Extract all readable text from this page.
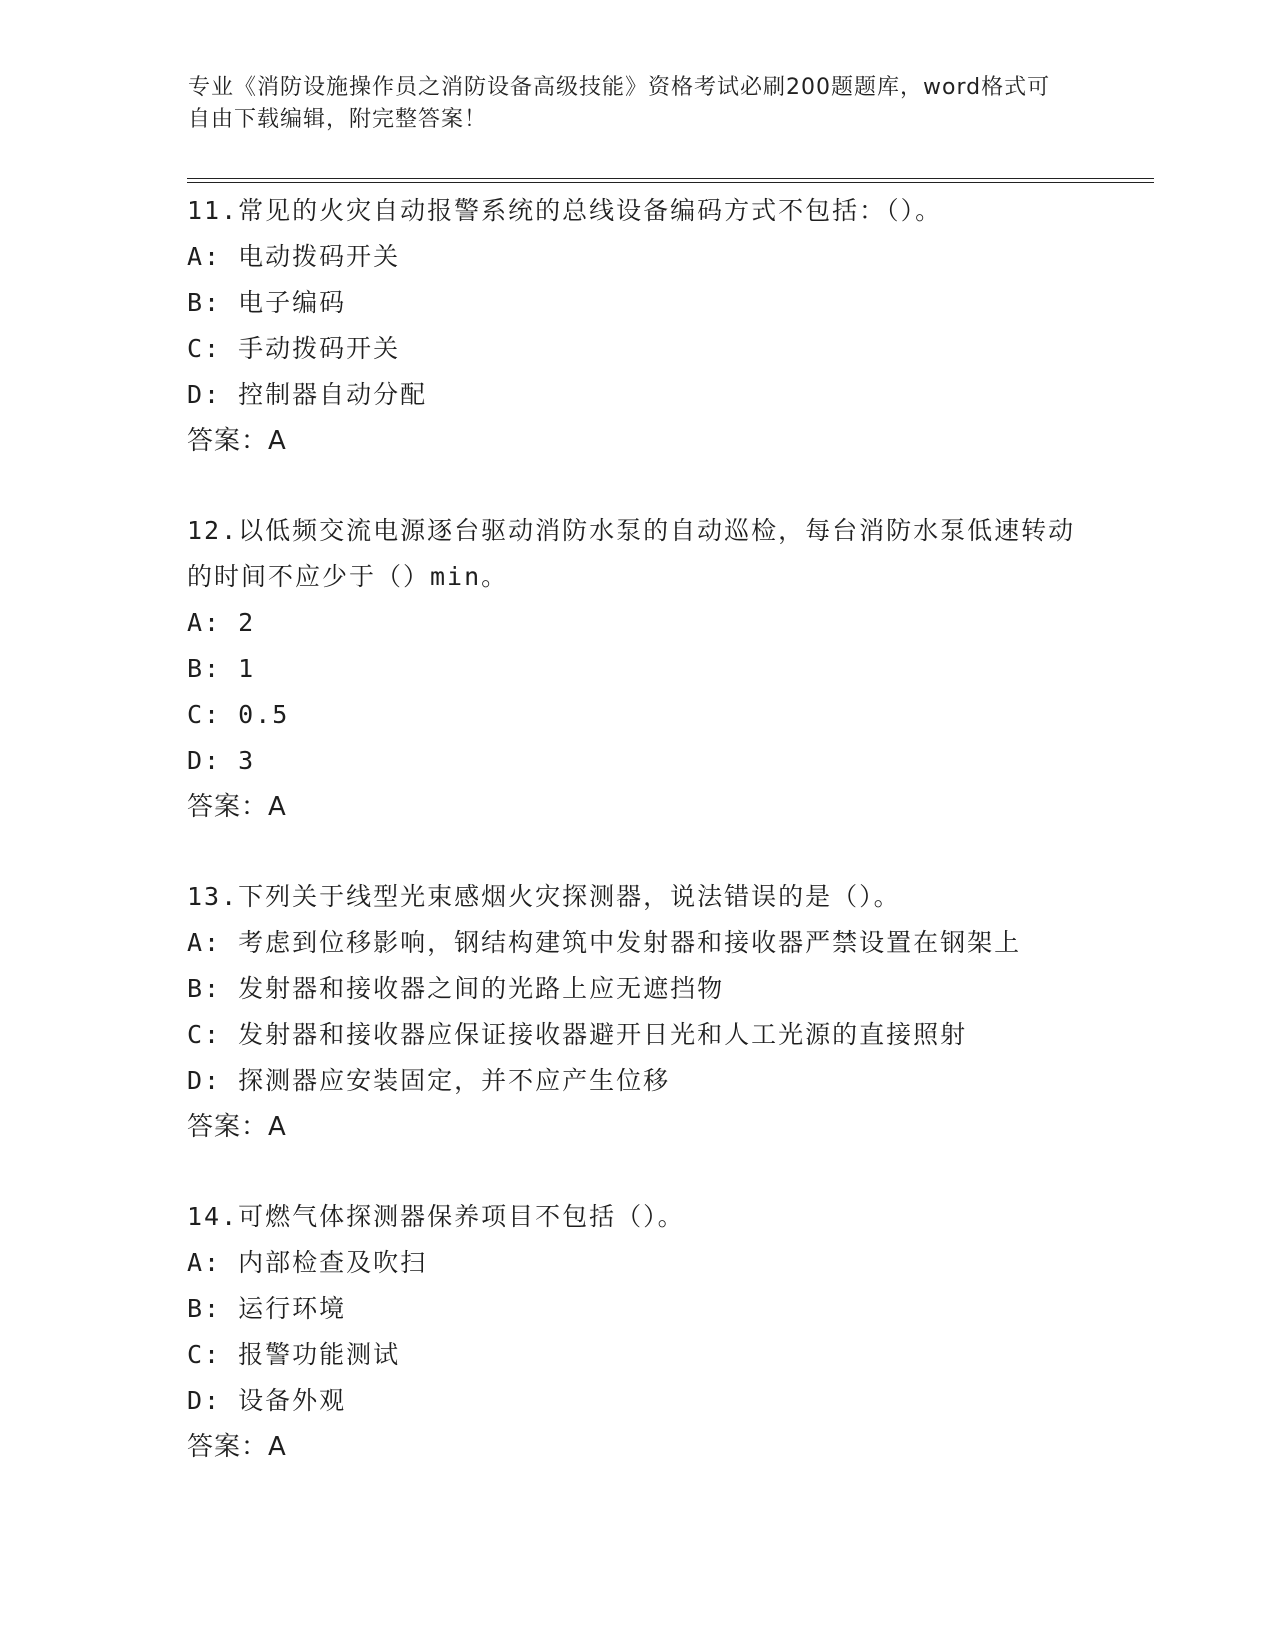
专业《消防设施操作员之消防设备高级技能》资格考试必刷200题题库，word格式可自由下载编辑，附完整答案！

11.常见的火灾自动报警系统的总线设备编码方式不包括：（）。

A: 电动拨码开关

B: 电子编码

C: 手动拨码开关

D: 控制器自动分配

答案：A

12.以低频交流电源逐台驱动消防水泵的自动巡检，每台消防水泵低速转动的时间不应少于（）min。

A: 2

B: 1

C: 0.5

D: 3

答案：A

13.下列关于线型光束感烟火灾探测器，说法错误的是（）。

A: 考虑到位移影响，钢结构建筑中发射器和接收器严禁设置在钢架上

B: 发射器和接收器之间的光路上应无遮挡物

C: 发射器和接收器应保证接收器避开日光和人工光源的直接照射

D: 探测器应安装固定，并不应产生位移

答案：A

14.可燃气体探测器保养项目不包括（）。

A: 内部检查及吹扫

B: 运行环境

C: 报警功能测试

D: 设备外观

答案：A
